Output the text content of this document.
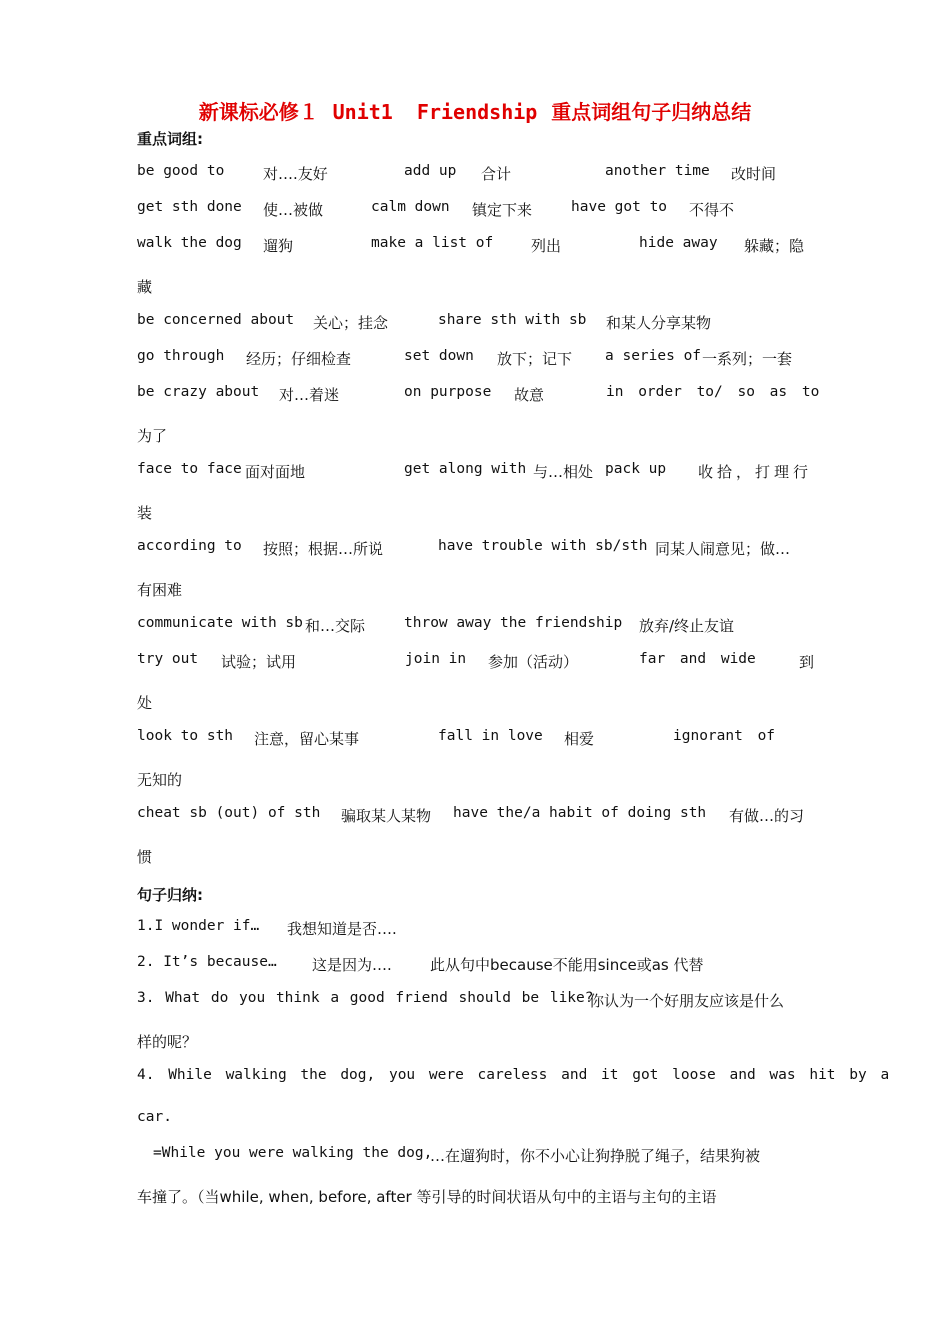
新课标必修１ Unit1  Friendship 重点词组句子归纳总结
重点词组:
be good to	对….友好	add up 合计	another time 改时间
get sth done 使…被做	calm down 镇定下来	have got to 不得不
walk the dog 遛狗	make a list of	列出	hide away 躲藏；隐
藏
be concerned about 关心；挂念	share sth with sb 和某人分享某物
go through 经历；仔细检查	set down 放下；记下 a series of 一系列；一套
be crazy about 对…着迷	on purpose 故意	in order to/ so as to
为了
face to face 面对面地	get along with 与…相处 pack up 收拾，打理行
装
according to 按照；根据…所说	have trouble with sb/sth 同某人闹意见；做…
有困难
communicate with sb 和…交际	throw away the friendship 放弃/终止友谊
try out 试验；试用	join in 参加（活动）	far and wide	到
处
look to sth 注意，留心某事	fall in love 相爱	ignorant of
无知的
cheat sb (out) of sth 骗取某人某物 have the/a habit of doing sth 有做…的习
惯
句子归纳:
1.I wonder if… 我想知道是否….
2. It’s because… 这是因为….	此从句中because不能用since或as 代替
3. What do you think a good friend should be like?
你认为一个好朋友应该是什么
样的呢？
4. While walking the dog, you were careless and it got loose and was hit by a
car.
=While you were walking the dog,
…在遛狗时，你不小心让狗挣脱了绳子，结果狗被
车撞了。（当while, when, before, after 等引导的时间状语从句中的主语与主句的主语
